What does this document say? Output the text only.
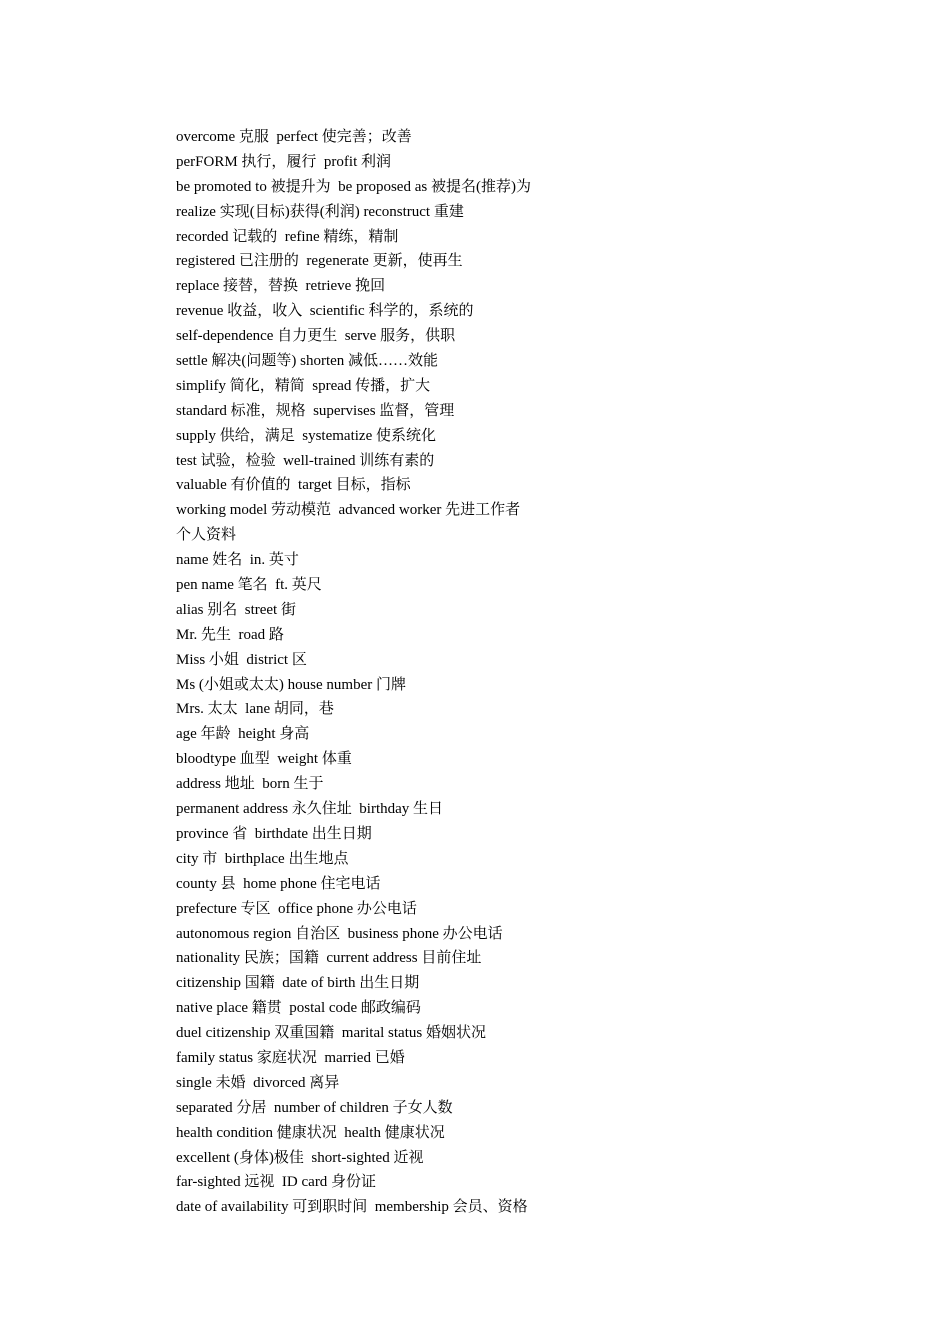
overcome 克服  perfect 使完善；改善
perFORM 执行，履行  profit 利润
be promoted to 被提升为  be proposed as 被提名(推荐)为
realize 实现(目标)获得(利润) reconstruct 重建
recorded 记载的  refine 精练，精制
registered 已注册的  regenerate 更新，使再生
replace 接替，替换  retrieve 挽回
revenue 收益，收入  scientific 科学的，系统的
self-dependence 自力更生  serve 服务，供职
settle 解决(问题等) shorten 减低……效能
simplify 简化，精简  spread 传播，扩大
standard 标准，规格  supervises 监督，管理
supply 供给，满足  systematize 使系统化
test 试验，检验  well-trained 训练有素的
valuable 有价值的  target 目标，指标
working model 劳动模范  advanced worker 先进工作者
个人资料
name 姓名  in. 英寸
pen name 笔名  ft. 英尺
alias 别名  street 街
Mr. 先生  road 路
Miss 小姐  district 区
Ms (小姐或太太) house number 门牌
Mrs. 太太  lane 胡同，巷
age 年龄  height 身高
bloodtype 血型  weight 体重
address 地址  born 生于
permanent address 永久住址  birthday 生日
province 省  birthdate 出生日期
city 市  birthplace 出生地点
county 县  home phone 住宅电话
prefecture 专区  office phone 办公电话
autonomous region 自治区  business phone 办公电话
nationality 民族；国籍  current address 目前住址
citizenship 国籍  date of birth 出生日期
native place 籍贯  postal code 邮政编码
duel citizenship 双重国籍  marital status 婚姻状况
family status 家庭状况  married 已婚
single 未婚  divorced 离异
separated 分居  number of children 子女人数
health condition 健康状况  health 健康状况
excellent (身体)极佳  short-sighted 近视
far-sighted 远视  ID card 身份证
date of availability 可到职时间  membership 会员、资格
